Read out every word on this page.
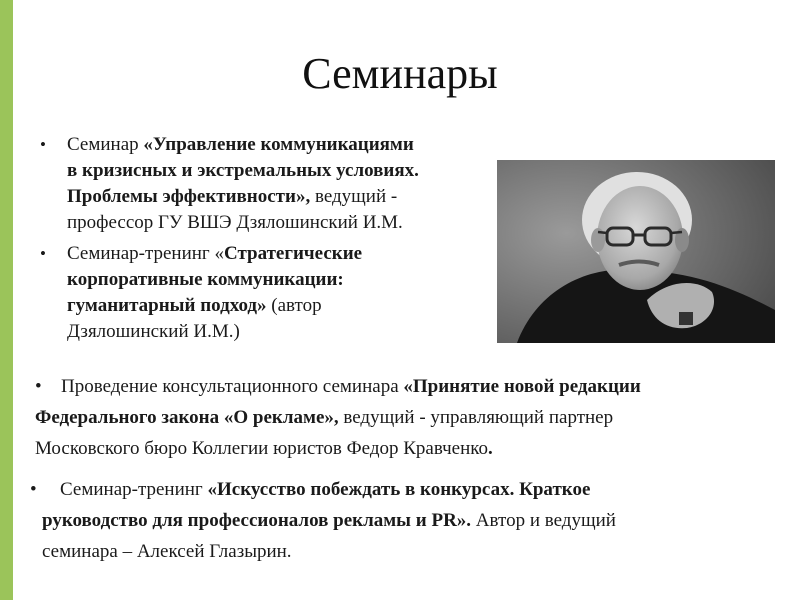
Семинары
• Семинар «Управление коммуникациями
в кризисных и экстремальных условиях.
Проблемы эффективности», ведущий -
профессор ГУ ВШЭ Дзялошинский И.М.
• Семинар-тренинг «Стратегические
корпоративные коммуникации:
гуманитарный подход» (автор
Дзялошинский И.М.)
• Проведение консультационного семинара «Принятие новой редакции
Федерального закона «О рекламе», ведущий - управляющий партнер
Московского бюро Коллегии юристов Федор Кравченко.
• Семинар-тренинг «Искусство побеждать в конкурсах. Краткое
руководство для профессионалов рекламы и PR». Автор и ведущий
семинара – Алексей Глазырин.
